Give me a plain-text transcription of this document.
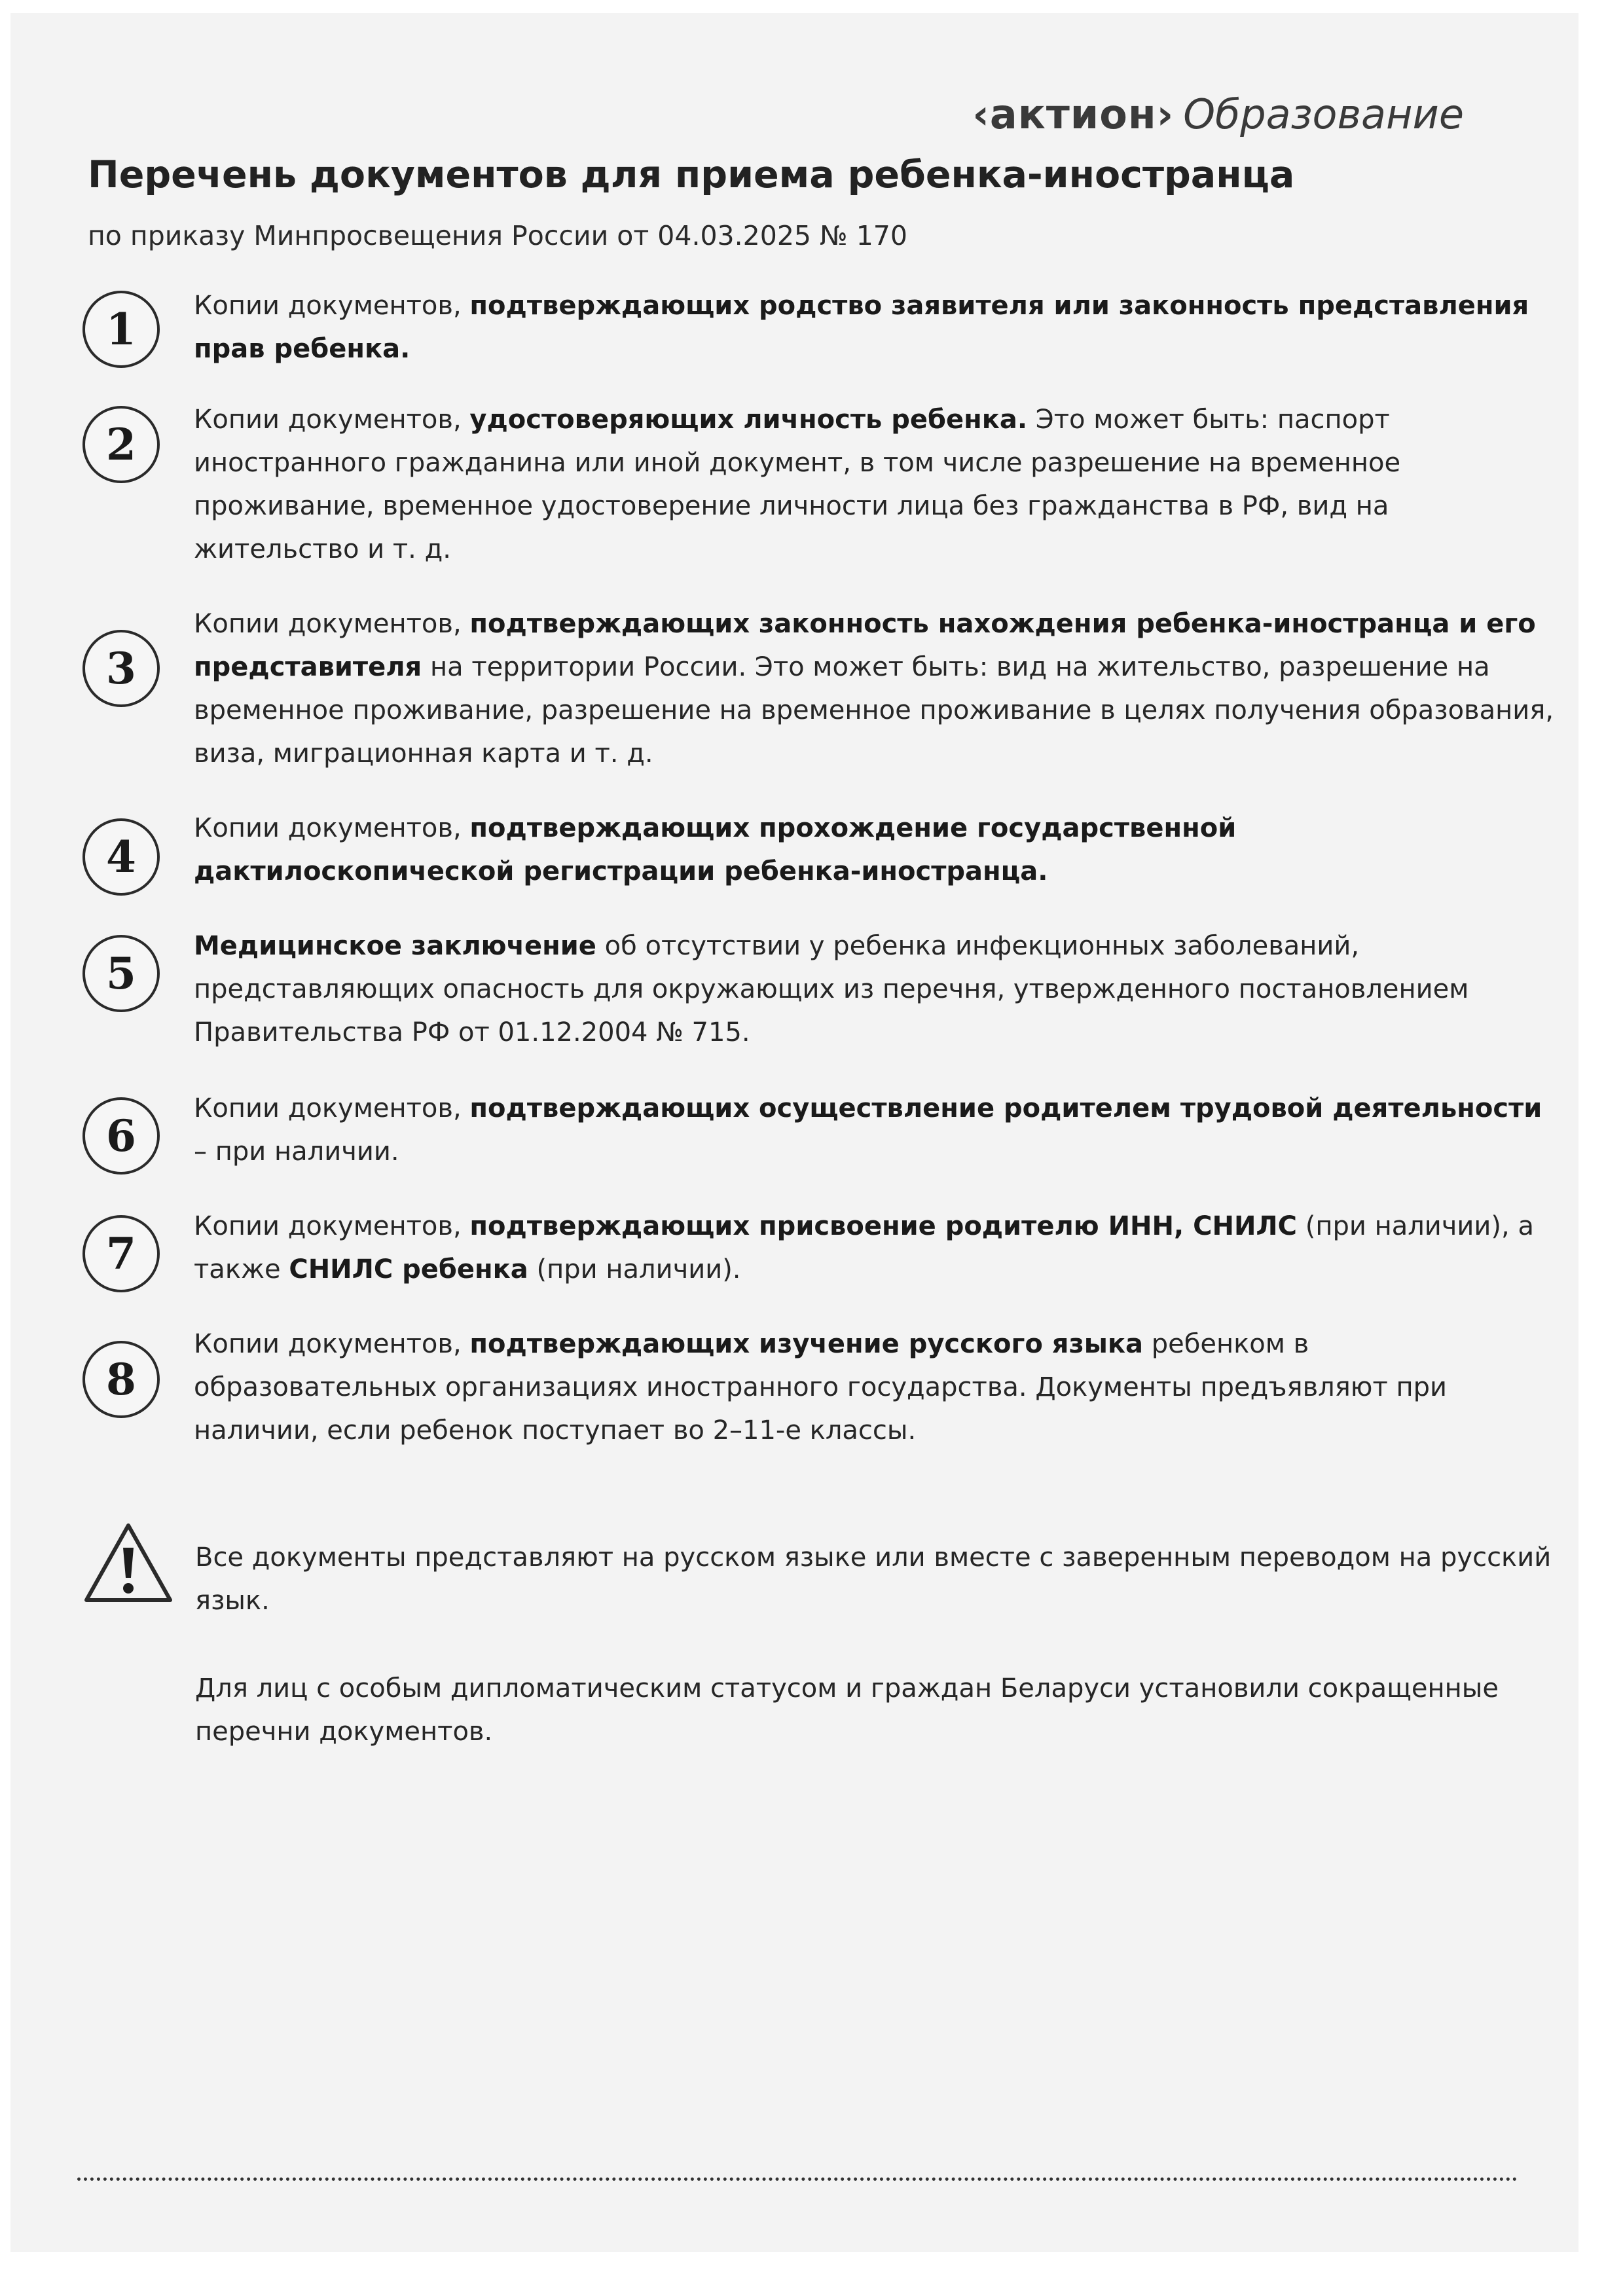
‹актион› Образование
Перечень документов для приема ребенка-иностранца
по приказу Минпросвещения России от 04.03.2025 № 170
1	Копии документов, подтверждающих родство заявителя или законность представления прав ребенка.
2	Копии документов, удостоверяющих личность ребенка. Это может быть: паспорт иностранного гражданина или иной документ, в том числе разрешение на временное проживание, временное удостоверение личности лица без гражданства в РФ, вид на жительство и т. д.
3
Копии документов, подтверждающих законность нахождения ребенка-иностранца и его представителя на территории России. Это может быть: вид на жительство, разрешение на временное проживание, разрешение на временное проживание в целях получения образования, виза, миграционная карта и т. д.
4
Копии документов, подтверждающих прохождение государственной дактилоскопической регистрации ребенка-иностранца.
5
Медицинское заключение об отсутствии у ребенка инфекционных заболеваний, представляющих опасность для окружающих из перечня, утвержденного постановлением Правительства РФ от 01.12.2004 № 715.
6
Копии документов, подтверждающих осуществление родителем трудовой деятельности – при наличии.
7
Копии документов, подтверждающих присвоение родителю ИНН, СНИЛС (при наличии), а также СНИЛС ребенка (при наличии).
8
Копии документов, подтверждающих изучение русского языка ребенком в образовательных организациях иностранного государства. Документы предъявляют при наличии, если ребенок поступает во 2–11-е классы.
Все документы представляют на русском языке или вместе с заверенным переводом на русский язык.
Для лиц с особым дипломатическим статусом и граждан Беларуси установили сокращенные перечни документов.
